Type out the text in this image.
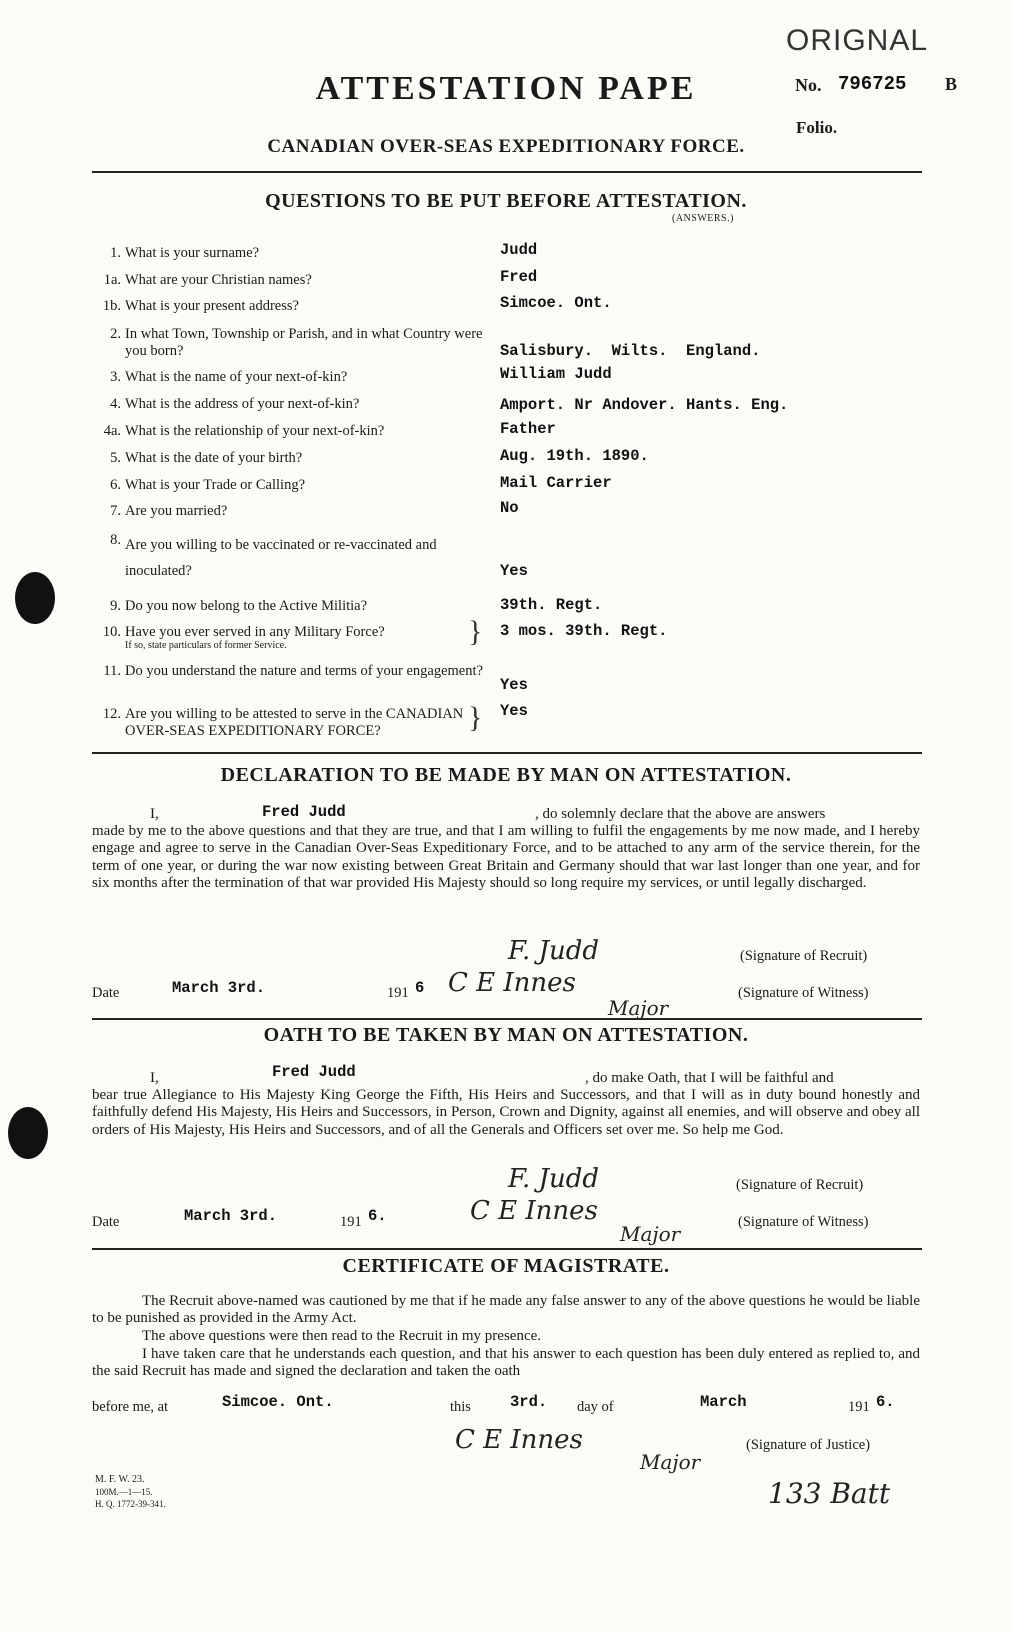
ORIGNAL
ATTESTATION PAPE	No. 796725 B
Folio.
CANADIAN OVER-SEAS EXPEDITIONARY FORCE.
QUESTIONS TO BE PUT BEFORE ATTESTATION.
(ANSWERS.)
1. What is your surname?	Judd
1a. What are your Christian names?	Fred
1b. What is your present address?	Simcoe. Ont.
2. In what Town, Township or Parish, and in what Country were you born?	Salisbury.  Wilts.  England.
3. What is the name of your next-of-kin?	William Judd
4. What is the address of your next-of-kin?	Amport. Nr Andover. Hants. Eng.
4a. What is the relationship of your next-of-kin?	Father
5. What is the date of your birth?	Aug. 19th. 1890.
6. What is your Trade or Calling?	Mail Carrier
7. Are you married?	No
8. Are you willing to be vaccinated or re-vaccinated and inoculated?	Yes
9. Do you now belong to the Active Militia?	39th. Regt.
10. Have you ever served in any Military Force?
If so, state particulars of former Service.	} 3 mos. 39th. Regt.
11. Do you understand the nature and terms of your engagement?
Yes
12. Are you willing to be attested to serve in the CANADIAN OVER-SEAS EXPEDITIONARY FORCE?	} Yes
DECLARATION TO BE MADE BY MAN ON ATTESTATION.
I,	Fred Judd	, do solemnly declare that the above are answers
made by me to the above questions and that they are true, and that I am willing to fulfil the engagements by me now made, and I hereby engage and agree to serve in the Canadian Over-Seas Expeditionary Force, and to be attached to any arm of the service therein, for the term of one year, or during the war now existing between Great Britain and Germany should that war last longer than one year, and for six months after the termination of that war provided His Majesty should so long require my services, or until legally discharged.
F. Judd	(Signature of Recruit)
Date	March 3rd.	191 6 C E Innes
Major
(Signature of Witness)
OATH TO BE TAKEN BY MAN ON ATTESTATION.
I,	Fred Judd	, do make Oath, that I will be faithful and
bear true Allegiance to His Majesty King George the Fifth, His Heirs and Successors, and that I will as in duty bound honestly and faithfully defend His Majesty, His Heirs and Successors, in Person, Crown and Dignity, against all enemies, and will observe and obey all orders of His Majesty, His Heirs and Successors, and of all the Generals and Officers set over me. So help me God.
F. Judd	(Signature of Recruit)
Date	March 3rd.	191 6.	C E Innes
Major	(Signature of Witness)
CERTIFICATE OF MAGISTRATE.
The Recruit above-named was cautioned by me that if he made any false answer to any of the above questions he would be liable to be punished as provided in the Army Act.
The above questions were then read to the Recruit in my presence.
I have taken care that he understands each question, and that his answer to each question has been duly entered as replied to, and the said Recruit has made and signed the declaration and taken the oath
before me, at	Simcoe. Ont.	this	3rd. day of	March	191 6.
C E Innes
Major
(Signature of Justice)
133 Batt
M. F. W. 23.
100M.—1—15.
H. Q. 1772-39-341.
